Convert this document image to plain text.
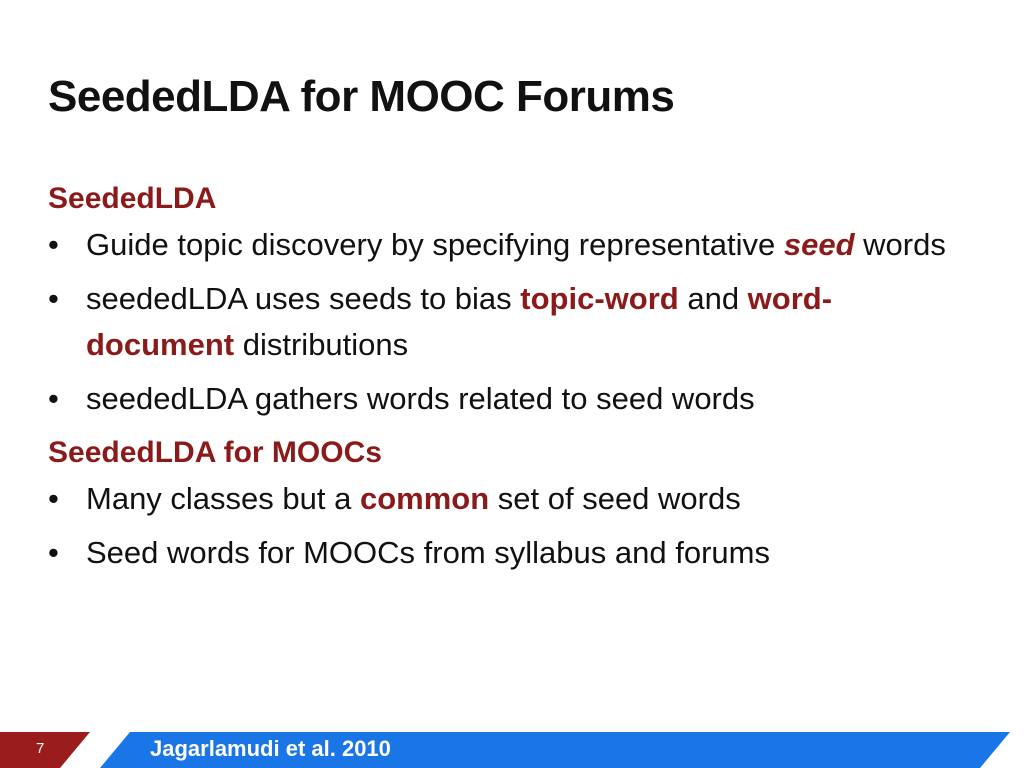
SeededLDA for MOOC Forums

SeededLDA

• Guide topic discovery by specifying representative seed words

• seededLDA uses seeds to bias topic-word and word-document distributions

• seededLDA gathers words related to seed words

SeededLDA for MOOCs

• Many classes but a common set of seed words

• Seed words for MOOCs from syllabus and forums

7	Jagarlamudi et al. 2010
